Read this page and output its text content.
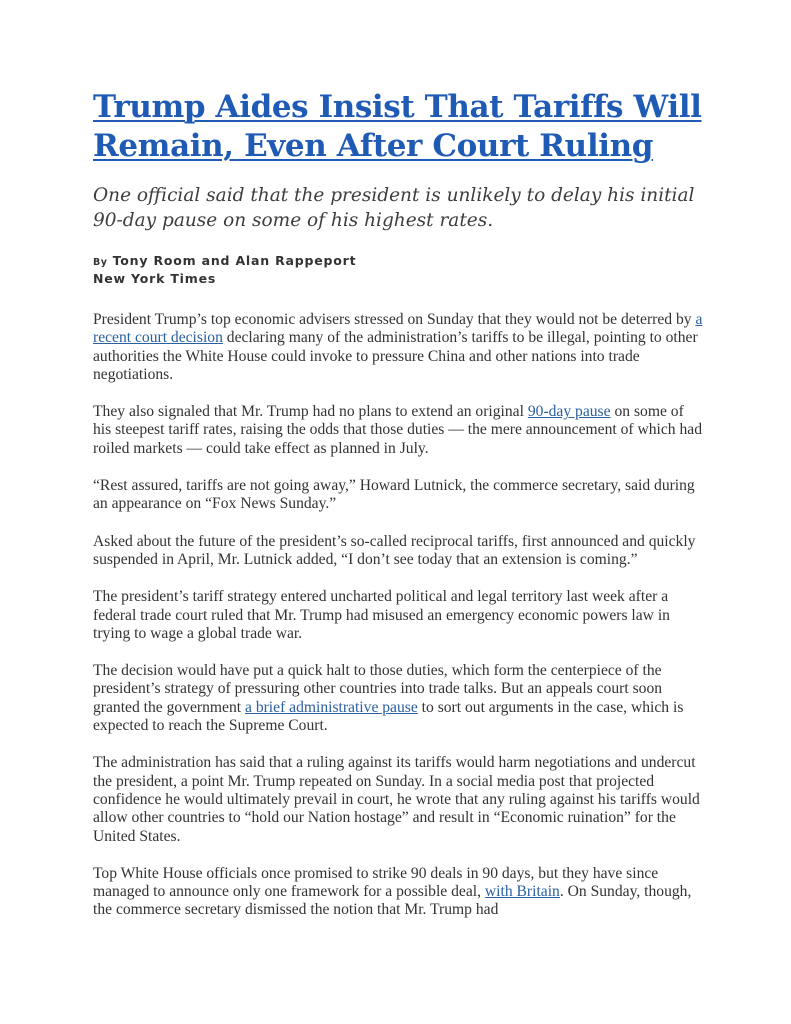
Trump Aides Insist That Tariffs Will Remain, Even After Court Ruling

One official said that the president is unlikely to delay his initial 90-day pause on some of his highest rates.

By Tony Room and Alan Rappeport
New York Times

President Trump’s top economic advisers stressed on Sunday that they would not be deterred by a recent court decision declaring many of the administration’s tariffs to be illegal, pointing to other authorities the White House could invoke to pressure China and other nations into trade negotiations.

They also signaled that Mr. Trump had no plans to extend an original 90-day pause on some of his steepest tariff rates, raising the odds that those duties — the mere announcement of which had roiled markets — could take effect as planned in July.

“Rest assured, tariffs are not going away,” Howard Lutnick, the commerce secretary, said during an appearance on “Fox News Sunday.”

Asked about the future of the president’s so-called reciprocal tariffs, first announced and quickly suspended in April, Mr. Lutnick added, “I don’t see today that an extension is coming.”

The president’s tariff strategy entered uncharted political and legal territory last week after a federal trade court ruled that Mr. Trump had misused an emergency economic powers law in trying to wage a global trade war.

The decision would have put a quick halt to those duties, which form the centerpiece of the president’s strategy of pressuring other countries into trade talks. But an appeals court soon granted the government a brief administrative pause to sort out arguments in the case, which is expected to reach the Supreme Court.

The administration has said that a ruling against its tariffs would harm negotiations and undercut the president, a point Mr. Trump repeated on Sunday. In a social media post that projected confidence he would ultimately prevail in court, he wrote that any ruling against his tariffs would allow other countries to “hold our Nation hostage” and result in “Economic ruination” for the United States.

Top White House officials once promised to strike 90 deals in 90 days, but they have since managed to announce only one framework for a possible deal, with Britain. On Sunday, though, the commerce secretary dismissed the notion that Mr. Trump had
